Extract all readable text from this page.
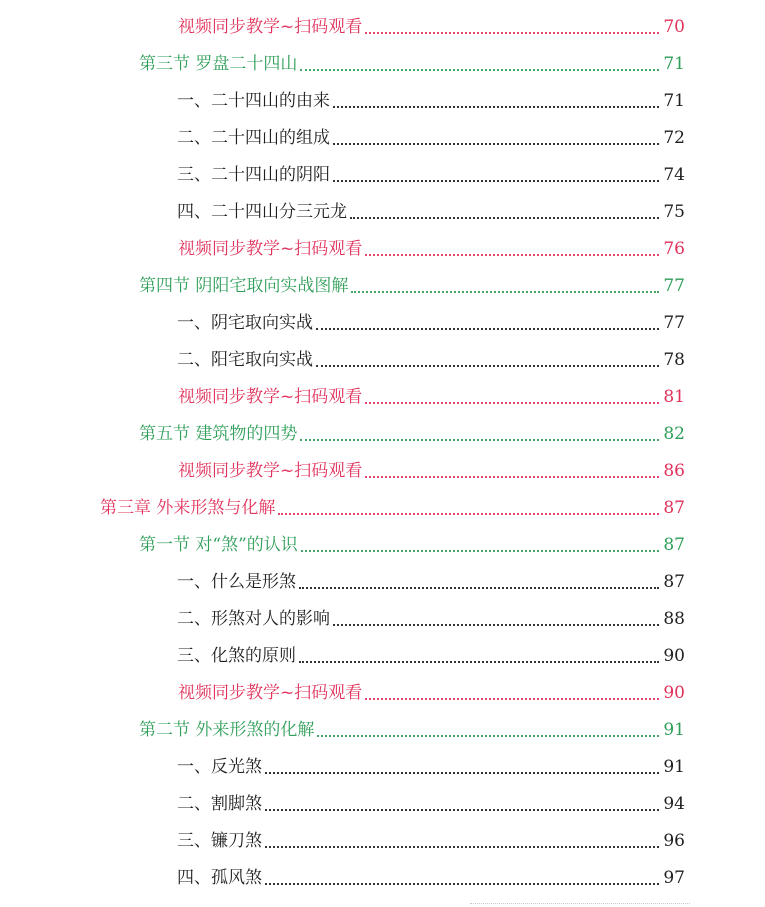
视频同步教学~扫码观看	70
第三节 罗盘二十四山	71
一、二十四山的由来	71
二、二十四山的组成	72
三、二十四山的阴阳	74
四、二十四山分三元龙	75
视频同步教学~扫码观看	76
第四节 阴阳宅取向实战图解	77
一、阴宅取向实战	77
二、阳宅取向实战	78
视频同步教学~扫码观看	81
第五节 建筑物的四势	82
视频同步教学~扫码观看	86
第三章 外来形煞与化解	87
第一节 对“煞”的认识	87
一、什么是形煞	87
二、形煞对人的影响	88
三、化煞的原则	90
视频同步教学~扫码观看	90
第二节 外来形煞的化解	91
一、反光煞	91
二、割脚煞	94
三、镰刀煞	96
四、孤风煞	97
